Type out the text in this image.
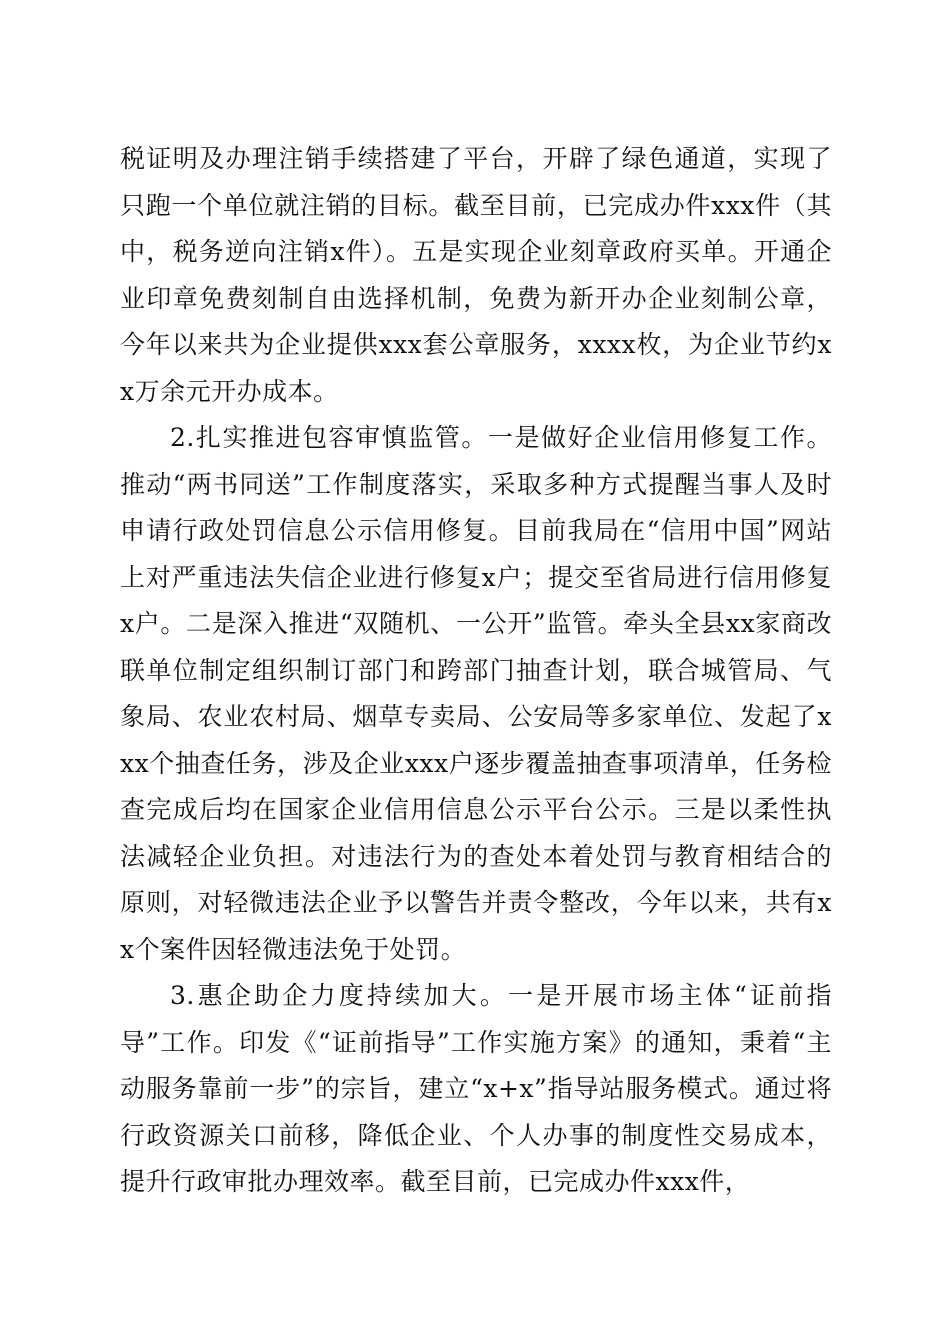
税证明及办理注销手续搭建了平台，开辟了绿色通道，实现了只跑一个单位就注销的目标。截至目前，已完成办件xxx件（其中，税务逆向注销x件）。五是实现企业刻章政府买单。开通企业印章免费刻制自由选择机制，免费为新开办企业刻制公章，今年以来共为企业提供xxx套公章服务，xxxx枚，为企业节约xx万余元开办成本。

2.扎实推进包容审慎监管。一是做好企业信用修复工作。推动“两书同送”工作制度落实，采取多种方式提醒当事人及时申请行政处罚信息公示信用修复。目前我局在“信用中国”网站上对严重违法失信企业进行修复x户；提交至省局进行信用修复x户。二是深入推进“双随机、一公开”监管。牵头全县xx家商改联单位制定组织制订部门和跨部门抽查计划，联合城管局、气象局、农业农村局、烟草专卖局、公安局等多家单位、发起了xxx个抽查任务，涉及企业xxx户逐步覆盖抽查事项清单，任务检查完成后均在国家企业信用信息公示平台公示。三是以柔性执法减轻企业负担。对违法行为的查处本着处罚与教育相结合的原则，对轻微违法企业予以警告并责令整改，今年以来，共有xx个案件因轻微违法免于处罚。

3.惠企助企力度持续加大。一是开展市场主体“证前指导”工作。印发《“证前指导”工作实施方案》的通知，秉着“主动服务靠前一步”的宗旨，建立“x+x”指导站服务模式。通过将行政资源关口前移，降低企业、个人办事的制度性交易成本，提升行政审批办理效率。截至目前，已完成办件xxx件，
